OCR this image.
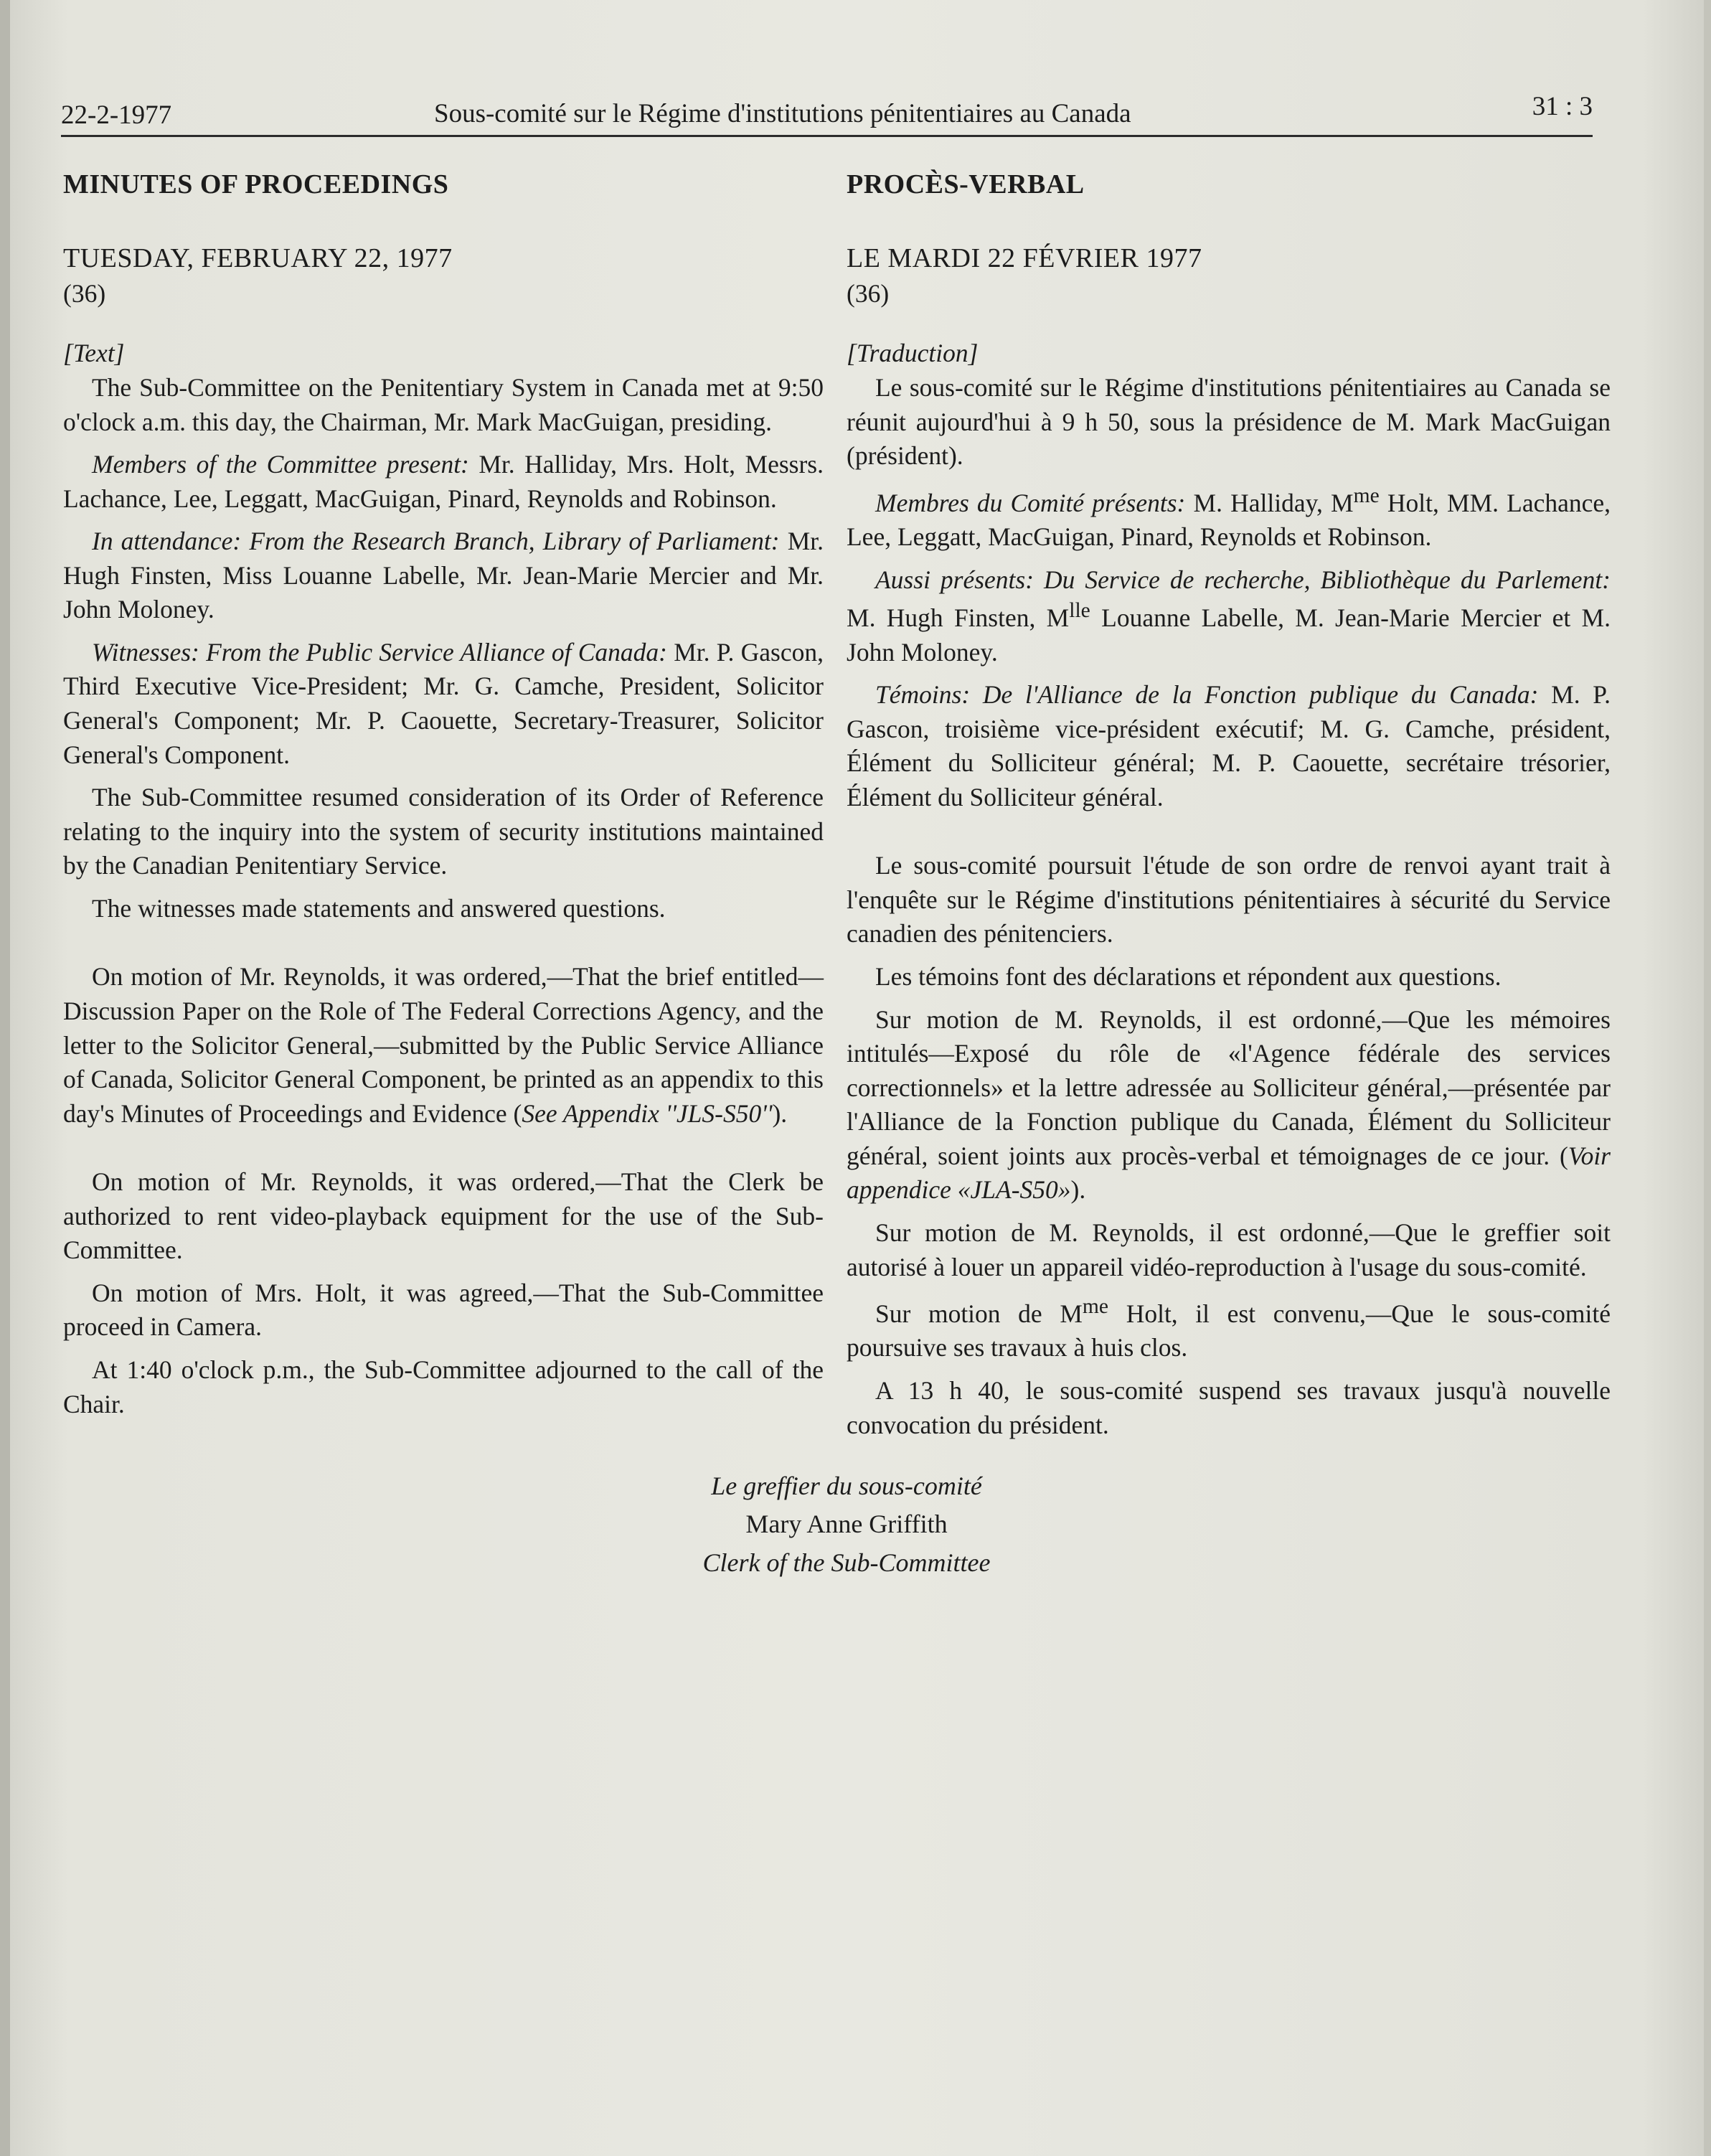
22-2-1977	Sous-comité sur le Régime d'institutions pénitentiaires au Canada	31 : 3
MINUTES OF PROCEEDINGS
TUESDAY, FEBRUARY 22, 1977
(36)
[Text]

The Sub-Committee on the Penitentiary System in Canada met at 9:50 o'clock a.m. this day, the Chairman, Mr. Mark MacGuigan, presiding.

Members of the Committee present: Mr. Halliday, Mrs. Holt, Messrs. Lachance, Lee, Leggatt, MacGuigan, Pinard, Reynolds and Robinson.

In attendance: From the Research Branch, Library of Parliament: Mr. Hugh Finsten, Miss Louanne Labelle, Mr. Jean-Marie Mercier and Mr. John Moloney.

Witnesses: From the Public Service Alliance of Canada: Mr. P. Gascon, Third Executive Vice-President; Mr. G. Camche, President, Solicitor General's Component; Mr. P. Caouette, Secretary-Treasurer, Solicitor General's Component.

The Sub-Committee resumed consideration of its Order of Reference relating to the inquiry into the system of security institutions maintained by the Canadian Penitentiary Service.

The witnesses made statements and answered questions.

On motion of Mr. Reynolds, it was ordered,—That the brief entitled—Discussion Paper on the Role of The Federal Corrections Agency, and the letter to the Solicitor General,—submitted by the Public Service Alliance of Canada, Solicitor General Component, be printed as an appendix to this day's Minutes of Proceedings and Evidence (See Appendix ''JLS-S50'').

On motion of Mr. Reynolds, it was ordered,—That the Clerk be authorized to rent video-playback equipment for the use of the Sub-Committee.

On motion of Mrs. Holt, it was agreed,—That the Sub-Committee proceed in Camera.

At 1:40 o'clock p.m., the Sub-Committee adjourned to the call of the Chair.

PROCÈS-VERBAL
LE MARDI 22 FÉVRIER 1977
(36)
[Traduction]

Le sous-comité sur le Régime d'institutions pénitentiaires au Canada se réunit aujourd'hui à 9 h 50, sous la présidence de M. Mark MacGuigan (président).

Membres du Comité présents: M. Halliday, $M^{me}$ Holt, MM. Lachance, Lee, Leggatt, MacGuigan, Pinard, Reynolds et Robinson.

Aussi présents: Du Service de recherche, Bibliothèque du Parlement: M. Hugh Finsten, $M^{lle}$ Louanne Labelle, M. Jean-Marie Mercier et M. John Moloney.

Témoins: De l'Alliance de la Fonction publique du Canada: M. P. Gascon, troisième vice-président exécutif; M. G. Camche, président, Élément du Solliciteur général; M. P. Caouette, secrétaire trésorier, Élément du Solliciteur général.

Le sous-comité poursuit l'étude de son ordre de renvoi ayant trait à l'enquête sur le Régime d'institutions pénitentiaires à sécurité du Service canadien des pénitenciers.

Les témoins font des déclarations et répondent aux questions.

Sur motion de M. Reynolds, il est ordonné,—Que les mémoires intitulés—Exposé du rôle de «l'Agence fédérale des services correctionnels» et la lettre adressée au Solliciteur général,—présentée par l'Alliance de la Fonction publique du Canada, Élément du Solliciteur général, soient joints aux procès-verbal et témoignages de ce jour. (Voir appendice «JLA-S50»).

Sur motion de M. Reynolds, il est ordonné,—Que le greffier soit autorisé à louer un appareil vidéo-reproduction à l'usage du sous-comité.

Sur motion de $M^{me}$ Holt, il est convenu,—Que le sous-comité poursuive ses travaux à huis clos.

A 13 h 40, le sous-comité suspend ses travaux jusqu'à nouvelle convocation du président.

Le greffier du sous-comité
Mary Anne Griffith
Clerk of the Sub-Committee
